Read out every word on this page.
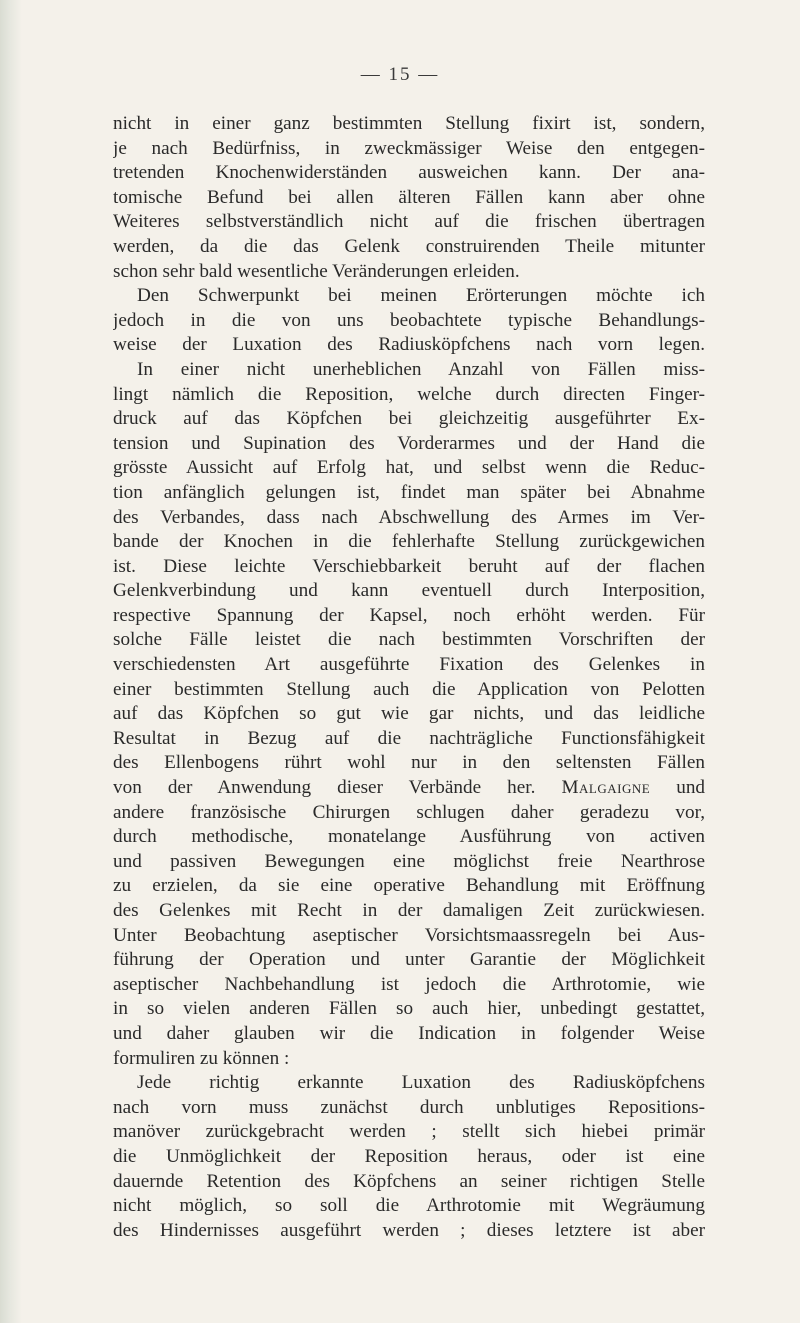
— 15 —
nicht in einer ganz bestimmten Stellung fixirt ist, sondern,
je nach Bedürfniss, in zweckmässiger Weise den entgegen-
tretenden Knochenwiderständen ausweichen kann. Der ana-
tomische Befund bei allen älteren Fällen kann aber ohne
Weiteres selbstverständlich nicht auf die frischen übertragen
werden, da die das Gelenk construirenden Theile mitunter
schon sehr bald wesentliche Veränderungen erleiden.
Den Schwerpunkt bei meinen Erörterungen möchte ich
jedoch in die von uns beobachtete typische Behandlungs-
weise der Luxation des Radiusköpfchens nach vorn legen.
In einer nicht unerheblichen Anzahl von Fällen miss-
lingt nämlich die Reposition, welche durch directen Finger-
druck auf das Köpfchen bei gleichzeitig ausgeführter Ex-
tension und Supination des Vorderarmes und der Hand die
grösste Aussicht auf Erfolg hat, und selbst wenn die Reduc-
tion anfänglich gelungen ist, findet man später bei Abnahme
des Verbandes, dass nach Abschwellung des Armes im Ver-
bande der Knochen in die fehlerhafte Stellung zurückgewichen
ist. Diese leichte Verschiebbarkeit beruht auf der flachen
Gelenkverbindung und kann eventuell durch Interposition,
respective Spannung der Kapsel, noch erhöht werden. Für
solche Fälle leistet die nach bestimmten Vorschriften der
verschiedensten Art ausgeführte Fixation des Gelenkes in
einer bestimmten Stellung auch die Application von Pelotten
auf das Köpfchen so gut wie gar nichts, und das leidliche
Resultat in Bezug auf die nachträgliche Functionsfähigkeit
des Ellenbogens rührt wohl nur in den seltensten Fällen
von der Anwendung dieser Verbände her. Malgaigne und
andere französische Chirurgen schlugen daher geradezu vor,
durch methodische, monatelange Ausführung von activen
und passiven Bewegungen eine möglichst freie Nearthrose
zu erzielen, da sie eine operative Behandlung mit Eröffnung
des Gelenkes mit Recht in der damaligen Zeit zurückwiesen.
Unter Beobachtung aseptischer Vorsichtsmaassregeln bei Aus-
führung der Operation und unter Garantie der Möglichkeit
aseptischer Nachbehandlung ist jedoch die Arthrotomie, wie
in so vielen anderen Fällen so auch hier, unbedingt gestattet,
und daher glauben wir die Indication in folgender Weise
formuliren zu können :
Jede richtig erkannte Luxation des Radiusköpfchens
nach vorn muss zunächst durch unblutiges Repositions-
manöver zurückgebracht werden ; stellt sich hiebei primär
die Unmöglichkeit der Reposition heraus, oder ist eine
dauernde Retention des Köpfchens an seiner richtigen Stelle
nicht möglich, so soll die Arthrotomie mit Wegräumung
des Hindernisses ausgeführt werden ; dieses letztere ist aber
